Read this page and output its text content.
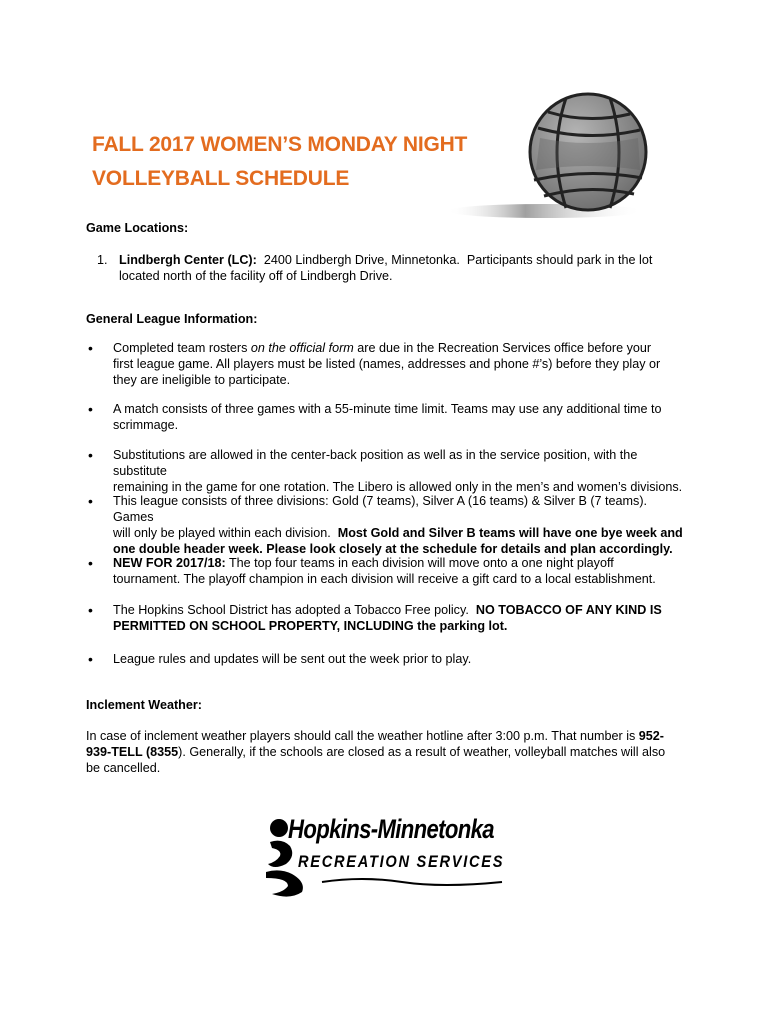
FALL 2017 WOMEN’S MONDAY NIGHT
VOLLEYBALL SCHEDULE
Game Locations:
1. Lindbergh Center (LC):  2400 Lindbergh Drive, Minnetonka.  Participants should park in the lot
located north of the facility off of Lindbergh Drive.
General League Information:
• Completed team rosters on the official form are due in the Recreation Services office before your
first league game. All players must be listed (names, addresses and phone #’s) before they play or
they are ineligible to participate.
• A match consists of three games with a 55-minute time limit. Teams may use any additional time to
scrimmage.
• Substitutions are allowed in the center-back position as well as in the service position, with the substitute
remaining in the game for one rotation. The Libero is allowed only in the men’s and women’s divisions.
• This league consists of three divisions: Gold (7 teams), Silver A (16 teams) & Silver B (7 teams). Games
will only be played within each division.  Most Gold and Silver B teams will have one bye week and
one double header week. Please look closely at the schedule for details and plan accordingly.
• NEW FOR 2017/18: The top four teams in each division will move onto a one night playoff
tournament. The playoff champion in each division will receive a gift card to a local establishment.
• The Hopkins School District has adopted a Tobacco Free policy.  NO TOBACCO OF ANY KIND IS
PERMITTED ON SCHOOL PROPERTY, INCLUDING the parking lot.
• League rules and updates will be sent out the week prior to play.
Inclement Weather:
In case of inclement weather players should call the weather hotline after 3:00 p.m. That number is 952-
939-TELL (8355). Generally, if the schools are closed as a result of weather, volleyball matches will also
be cancelled.
Hopkins-Minnetonka
RECREATION SERVICES
